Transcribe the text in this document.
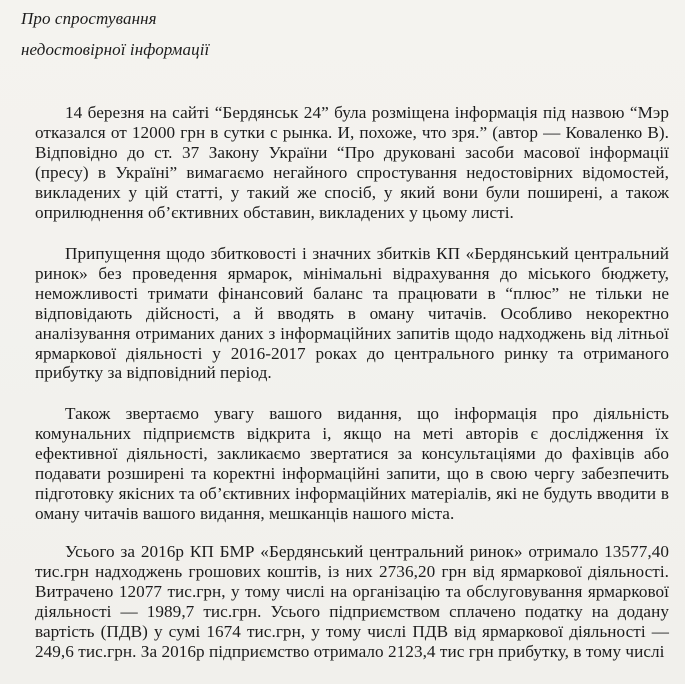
Про спростування
недостовірної інформації
14 березня на сайті “Бердянськ 24” була розміщена інформація під назвою “Мэр отказался от 12000 грн в сутки с рынка. И, похоже, что зря.” (автор — Коваленко В). Відповідно до ст. 37 Закону України “Про друковані засоби масової інформації (пресу) в Україні” вимагаємо негайного спростування недостовірних відомостей, викладених у цій статті, у такий же спосіб, у який вони були поширені, а також оприлюднення об’єктивних обставин, викладених у цьому листі.
Припущення щодо збитковості і значних збитків КП «Бердянський центральний ринок» без проведення ярмарок, мінімальні відрахування до міського бюджету, неможливості тримати фінансовий баланс та працювати в “плюс” не тільки не відповідають дійсності, а й вводять в оману читачів. Особливо некоректно аналізування отриманих даних з інформаційних запитів щодо надходжень від літньої ярмаркової діяльності у 2016-2017 роках до центрального ринку та отриманого прибутку за відповідний період.
Також звертаємо увагу вашого видання, що інформація про діяльність комунальних підприємств відкрита і, якщо на меті авторів є дослідження їх ефективної діяльності, закликаємо звертатися за консультаціями до фахівців або подавати розширені та коректні інформаційні запити, що в свою чергу забезпечить підготовку якісних та об’єктивних інформаційних матеріалів, які не будуть вводити в оману читачів вашого видання, мешканців нашого міста.
Усього за 2016р КП БМР «Бердянський центральний ринок» отримало 13577,40 тис.грн надходжень грошових коштів, із них 2736,20 грн від ярмаркової діяльності. Витрачено 12077 тис.грн, у тому числі на організацію та обслуговування ярмаркової діяльності — 1989,7 тис.грн. Усього підприємством сплачено податку на додану вартість (ПДВ) у сумі 1674 тис.грн, у тому числі ПДВ від ярмаркової діяльності — 249,6 тис.грн. За 2016р підприємство отримало 2123,4 тис грн прибутку, в тому числі
